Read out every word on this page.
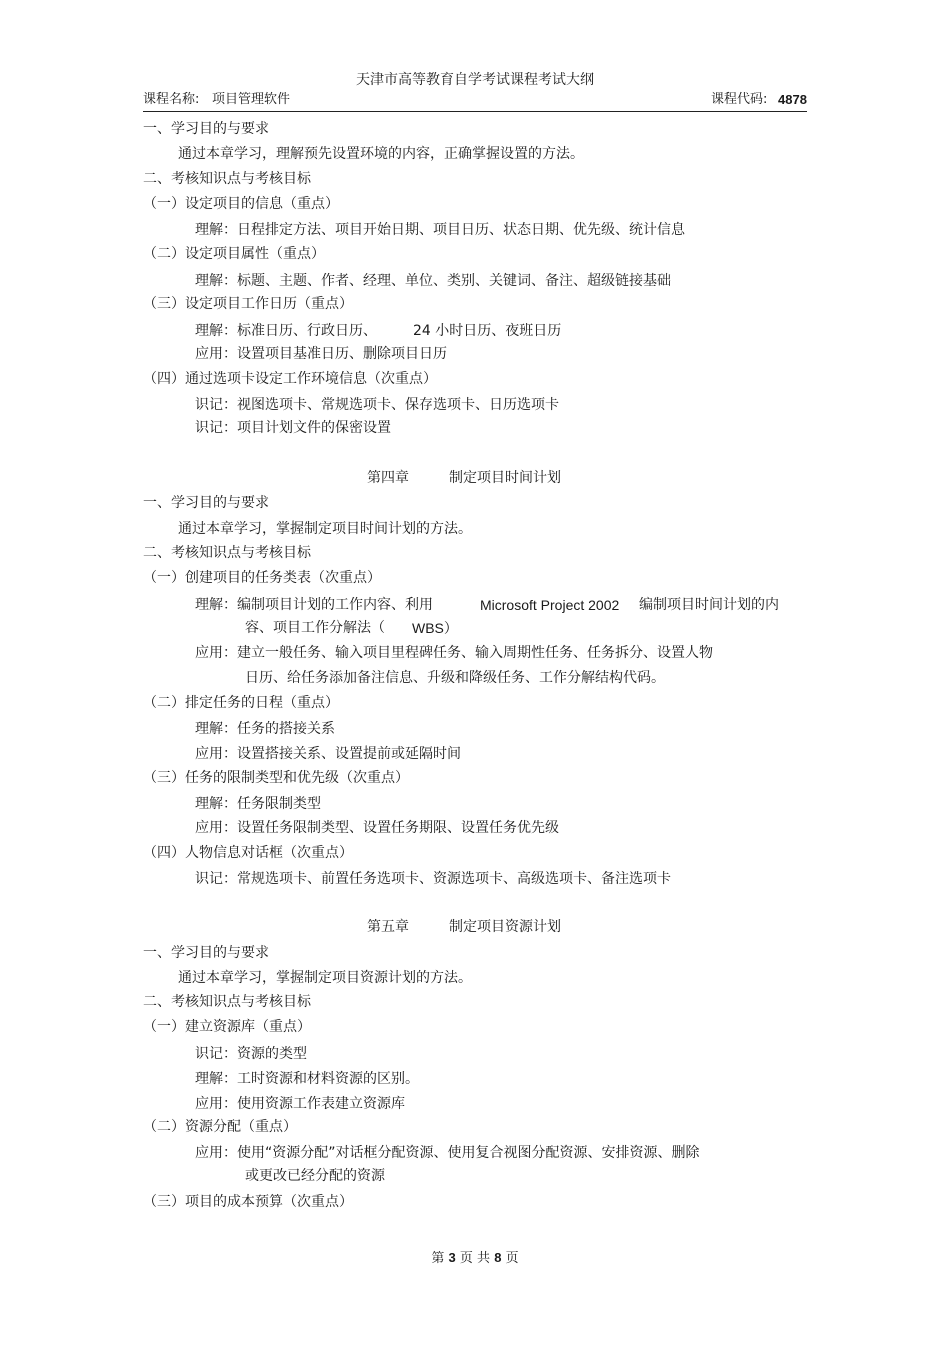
天津市高等教育自学考试课程考试大纲
课程名称: 项目管理软件	课程代码: 4878
一、学习目的与要求
通过本章学习，理解预先设置环境的内容，正确掌握设置的方法。
二、考核知识点与考核目标
（一）设定项目的信息（重点）
理解：日程排定方法、项目开始日期、项目日历、状态日期、优先级、统计信息
（二）设定项目属性（重点）
理解：标题、主题、作者、经理、单位、类别、关键词、备注、超级链接基础
（三）设定项目工作日历（重点）
理解：标准日历、行政日历、	24 小时日历、夜班日历
应用：设置项目基准日历、删除项目日历
（四）通过选项卡设定工作环境信息（次重点）
识记：视图选项卡、常规选项卡、保存选项卡、日历选项卡
识记：项目计划文件的保密设置
第四章	制定项目时间计划
一、学习目的与要求
通过本章学习，掌握制定项目时间计划的方法。
二、考核知识点与考核目标
（一）创建项目的任务类表（次重点）
理解：编制项目计划的工作内容、利用	Microsoft Project 2002 编制项目时间计划的内
容、项目工作分解法（ WBS）
应用：建立一般任务、输入项目里程碑任务、输入周期性任务、任务拆分、设置人物
日历、给任务添加备注信息、升级和降级任务、工作分解结构代码。
（二）排定任务的日程（重点）
理解：任务的搭接关系
应用：设置搭接关系、设置提前或延隔时间
（三）任务的限制类型和优先级（次重点）
理解：任务限制类型
应用：设置任务限制类型、设置任务期限、设置任务优先级
（四）人物信息对话框（次重点）
识记：常规选项卡、前置任务选项卡、资源选项卡、高级选项卡、备注选项卡
第五章	制定项目资源计划
一、学习目的与要求
通过本章学习，掌握制定项目资源计划的方法。
二、考核知识点与考核目标
（一）建立资源库（重点）
识记：资源的类型
理解：工时资源和材料资源的区别。
应用：使用资源工作表建立资源库
（二）资源分配（重点）
应用：使用“资源分配”对话框分配资源、使用复合视图分配资源、安排资源、删除
或更改已经分配的资源
（三）项目的成本预算（次重点）
第 3 页 共 8 页
